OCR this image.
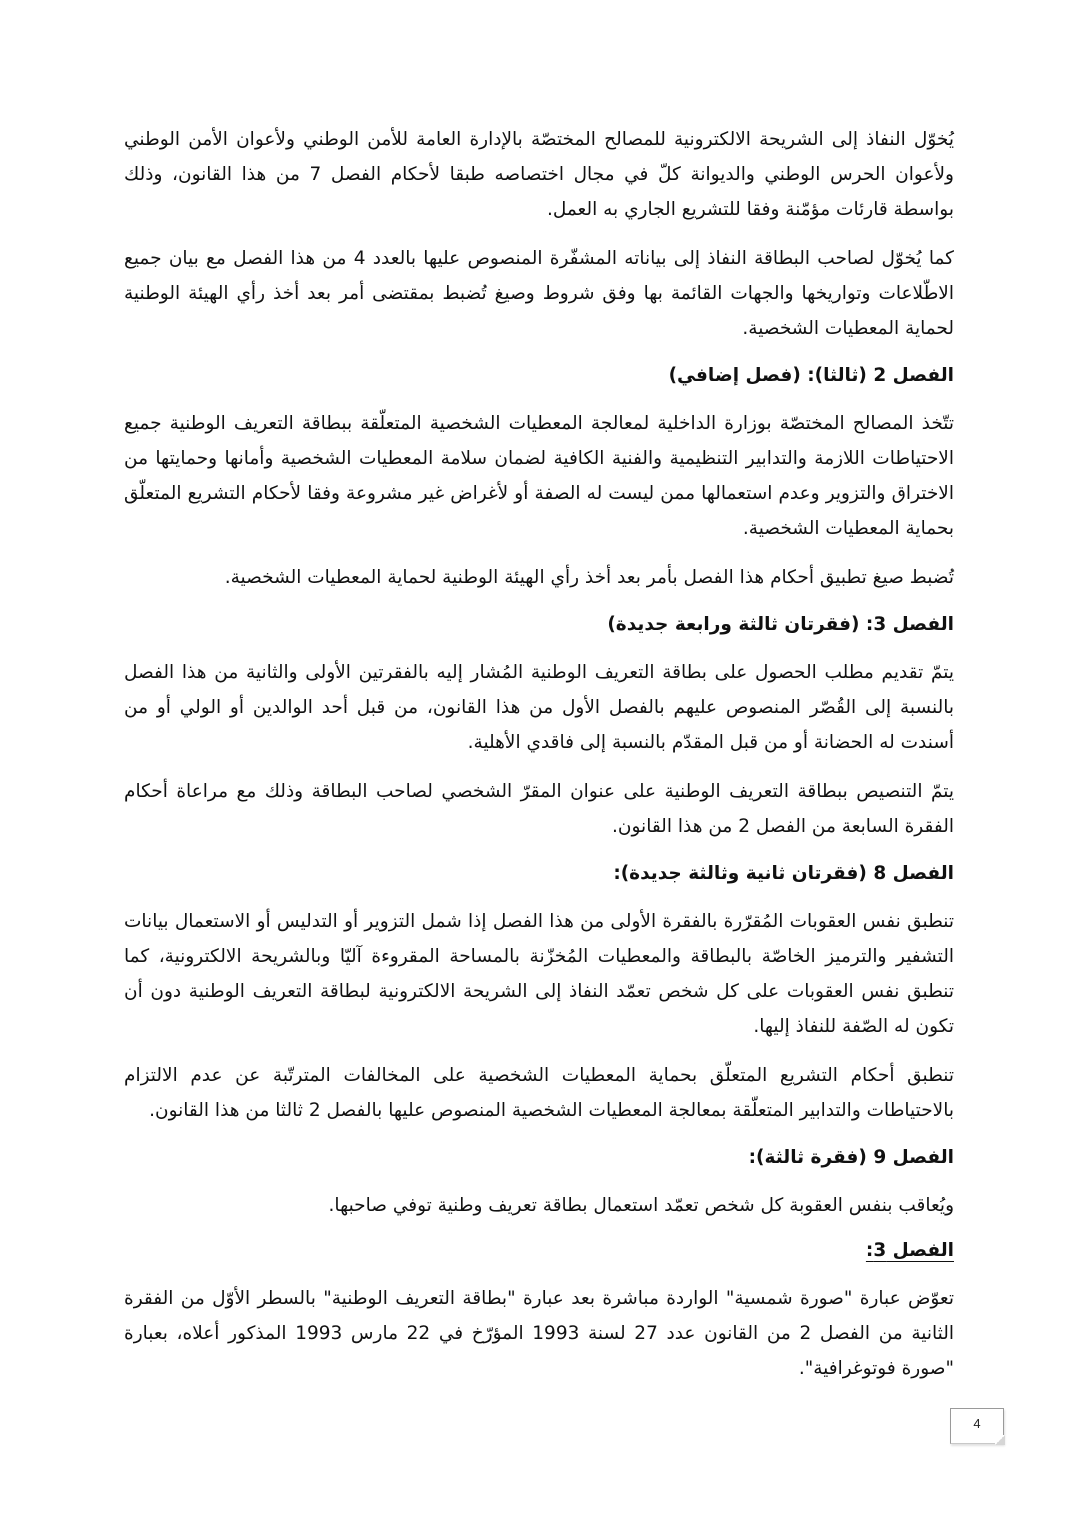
يُخوّل النفاذ إلى الشريحة الالكترونية للمصالح المختصّة بالإدارة العامة للأمن الوطني ولأعوان الأمن الوطني ولأعوان الحرس الوطني والديوانة كلّ في مجال اختصاصه طبقا لأحكام الفصل 7 من هذا القانون، وذلك بواسطة قارئات مؤمّنة وفقا للتشريع الجاري به العمل.

كما يُخوّل لصاحب البطاقة النفاذ إلى بياناته المشفّرة المنصوص عليها بالعدد 4 من هذا الفصل مع بيان جميع الاطّلاعات وتواريخها والجهات القائمة بها وفق شروط وصيغ تُضبط بمقتضى أمر بعد أخذ رأي الهيئة الوطنية لحماية المعطيات الشخصية.

الفصل 2 (ثالثا): (فصل إضافي)

تتّخذ المصالح المختصّة بوزارة الداخلية لمعالجة المعطيات الشخصية المتعلّقة ببطاقة التعريف الوطنية جميع الاحتياطات اللازمة والتدابير التنظيمية والفنية الكافية لضمان سلامة المعطيات الشخصية وأمانها وحمايتها من الاختراق والتزوير وعدم استعمالها ممن ليست له الصفة أو لأغراض غير مشروعة وفقا لأحكام التشريع المتعلّق بحماية المعطيات الشخصية.

تُضبط صيغ تطبيق أحكام هذا الفصل بأمر بعد أخذ رأي الهيئة الوطنية لحماية المعطيات الشخصية.

الفصل 3: (فقرتان ثالثة ورابعة جديدة)

يتمّ تقديم مطلب الحصول على بطاقة التعريف الوطنية المُشار إليه بالفقرتين الأولى والثانية من هذا الفصل بالنسبة إلى القُصّر المنصوص عليهم بالفصل الأول من هذا القانون، من قبل أحد الوالدين أو الولي أو من أسندت له الحضانة أو من قبل المقدّم بالنسبة إلى فاقدي الأهلية.

يتمّ التنصيص ببطاقة التعريف الوطنية على عنوان المقرّ الشخصي لصاحب البطاقة وذلك مع مراعاة أحكام الفقرة السابعة من الفصل 2 من هذا القانون.

الفصل 8 (فقرتان ثانية وثالثة جديدة):

تنطبق نفس العقوبات المُقرّرة بالفقرة الأولى من هذا الفصل إذا شمل التزوير أو التدليس أو الاستعمال بيانات التشفير والترميز الخاصّة بالبطاقة والمعطيات المُخزّنة بالمساحة المقروءة آليّا وبالشريحة الالكترونية، كما تنطبق نفس العقوبات على كل شخص تعمّد النفاذ إلى الشريحة الالكترونية لبطاقة التعريف الوطنية دون أن تكون له الصّفة للنفاذ إليها.

تنطبق أحكام التشريع المتعلّق بحماية المعطيات الشخصية على المخالفات المترتّبة عن عدم الالتزام بالاحتياطات والتدابير المتعلّقة بمعالجة المعطيات الشخصية المنصوص عليها بالفصل 2 ثالثا من هذا القانون.

الفصل 9 (فقرة ثالثة):

ويُعاقب بنفس العقوبة كل شخص تعمّد استعمال بطاقة تعريف وطنية توفي صاحبها.

الفصل 3:

تعوّض عبارة "صورة شمسية" الواردة مباشرة بعد عبارة "بطاقة التعريف الوطنية" بالسطر الأوّل من الفقرة الثانية من الفصل 2 من القانون عدد 27 لسنة 1993 المؤرّخ في 22 مارس 1993 المذكور أعلاه، بعبارة "صورة فوتوغرافية".

4
